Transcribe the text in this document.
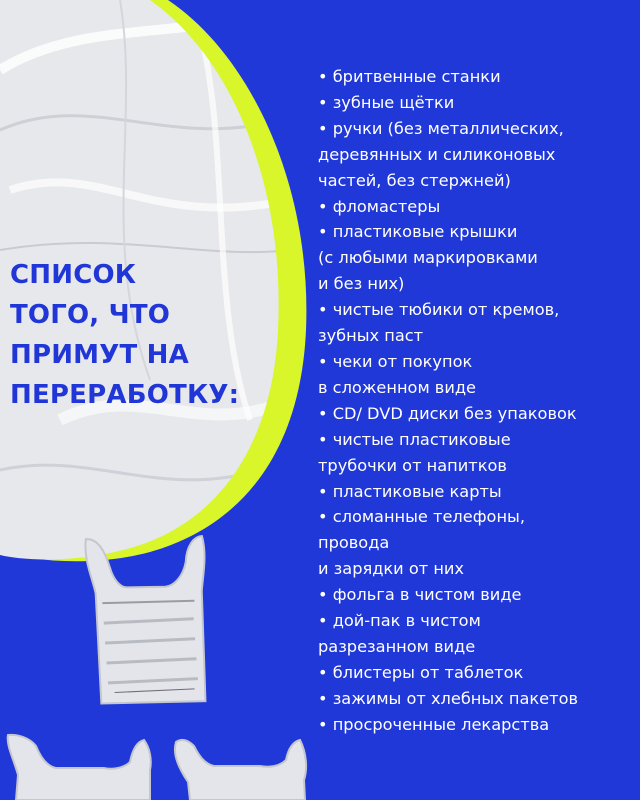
СПИСОК
ТОГО, ЧТО
ПРИМУТ НА
ПЕРЕРАБОТКУ:
• бритвенные станки
• зубные щётки
• ручки (без металлических,
деревянных и силиконовых
частей, без стержней)
• фломастеры
• пластиковые крышки
(с любыми маркировками
и без них)
• чистые тюбики от кремов,
зубных паст
• чеки от покупок
в сложенном виде
• CD/ DVD диски без упаковок
• чистые пластиковые
трубочки от напитков
• пластиковые карты
• сломанные телефоны,
провода
и зарядки от них
• фольга в чистом виде
• дой-пак в чистом
разрезанном виде
• блистеры от таблеток
• зажимы от хлебных пакетов
• просроченные лекарства
